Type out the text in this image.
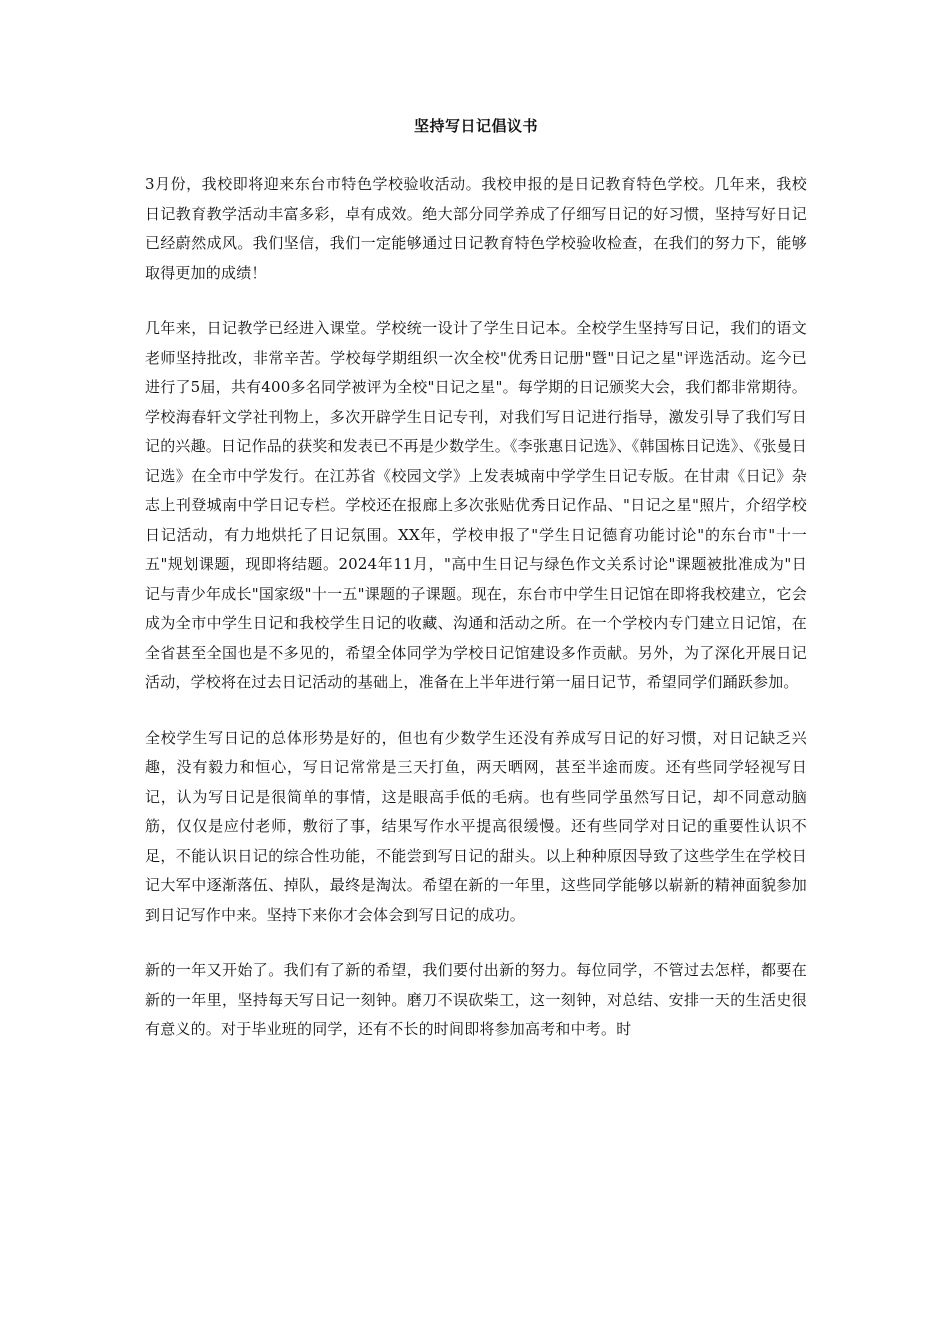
坚持写日记倡议书

3月份，我校即将迎来东台市特色学校验收活动。我校申报的是日记教育特色学校。几年来，我校日记教育教学活动丰富多彩，卓有成效。绝大部分同学养成了仔细写日记的好习惯，坚持写好日记已经蔚然成风。我们坚信，我们一定能够通过日记教育特色学校验收检查，在我们的努力下，能够取得更加的成绩！

几年来，日记教学已经进入课堂。学校统一设计了学生日记本。全校学生坚持写日记，我们的语文老师坚持批改，非常辛苦。学校每学期组织一次全校"优秀日记册"暨"日记之星"评选活动。迄今已进行了5届，共有400多名同学被评为全校"日记之星"。每学期的日记颁奖大会，我们都非常期待。学校海春轩文学社刊物上，多次开辟学生日记专刊，对我们写日记进行指导，激发引导了我们写日记的兴趣。日记作品的获奖和发表已不再是少数学生。《李张惠日记选》、《韩国栋日记选》、《张曼日记选》在全市中学发行。在江苏省《校园文学》上发表城南中学学生日记专版。在甘肃《日记》杂志上刊登城南中学日记专栏。学校还在报廊上多次张贴优秀日记作品、"日记之星"照片，介绍学校日记活动，有力地烘托了日记氛围。XX年，学校申报了"学生日记德育功能讨论"的东台市"十一五"规划课题，现即将结题。2024年11月，"高中生日记与绿色作文关系讨论"课题被批准成为"日记与青少年成长"国家级"十一五"课题的子课题。现在，东台市中学生日记馆在即将我校建立，它会成为全市中学生日记和我校学生日记的收藏、沟通和活动之所。在一个学校内专门建立日记馆，在全省甚至全国也是不多见的，希望全体同学为学校日记馆建设多作贡献。另外，为了深化开展日记活动，学校将在过去日记活动的基础上，准备在上半年进行第一届日记节，希望同学们踊跃参加。

全校学生写日记的总体形势是好的，但也有少数学生还没有养成写日记的好习惯，对日记缺乏兴趣，没有毅力和恒心，写日记常常是三天打鱼，两天晒网，甚至半途而废。还有些同学轻视写日记，认为写日记是很简单的事情，这是眼高手低的毛病。也有些同学虽然写日记，却不同意动脑筋，仅仅是应付老师，敷衍了事，结果写作水平提高很缓慢。还有些同学对日记的重要性认识不足，不能认识日记的综合性功能，不能尝到写日记的甜头。以上种种原因导致了这些学生在学校日记大军中逐渐落伍、掉队，最终是淘汰。希望在新的一年里，这些同学能够以崭新的精神面貌参加到日记写作中来。坚持下来你才会体会到写日记的成功。

新的一年又开始了。我们有了新的希望，我们要付出新的努力。每位同学，不管过去怎样，都要在新的一年里，坚持每天写日记一刻钟。磨刀不误砍柴工，这一刻钟，对总结、安排一天的生活史很有意义的。对于毕业班的同学，还有不长的时间即将参加高考和中考。时
